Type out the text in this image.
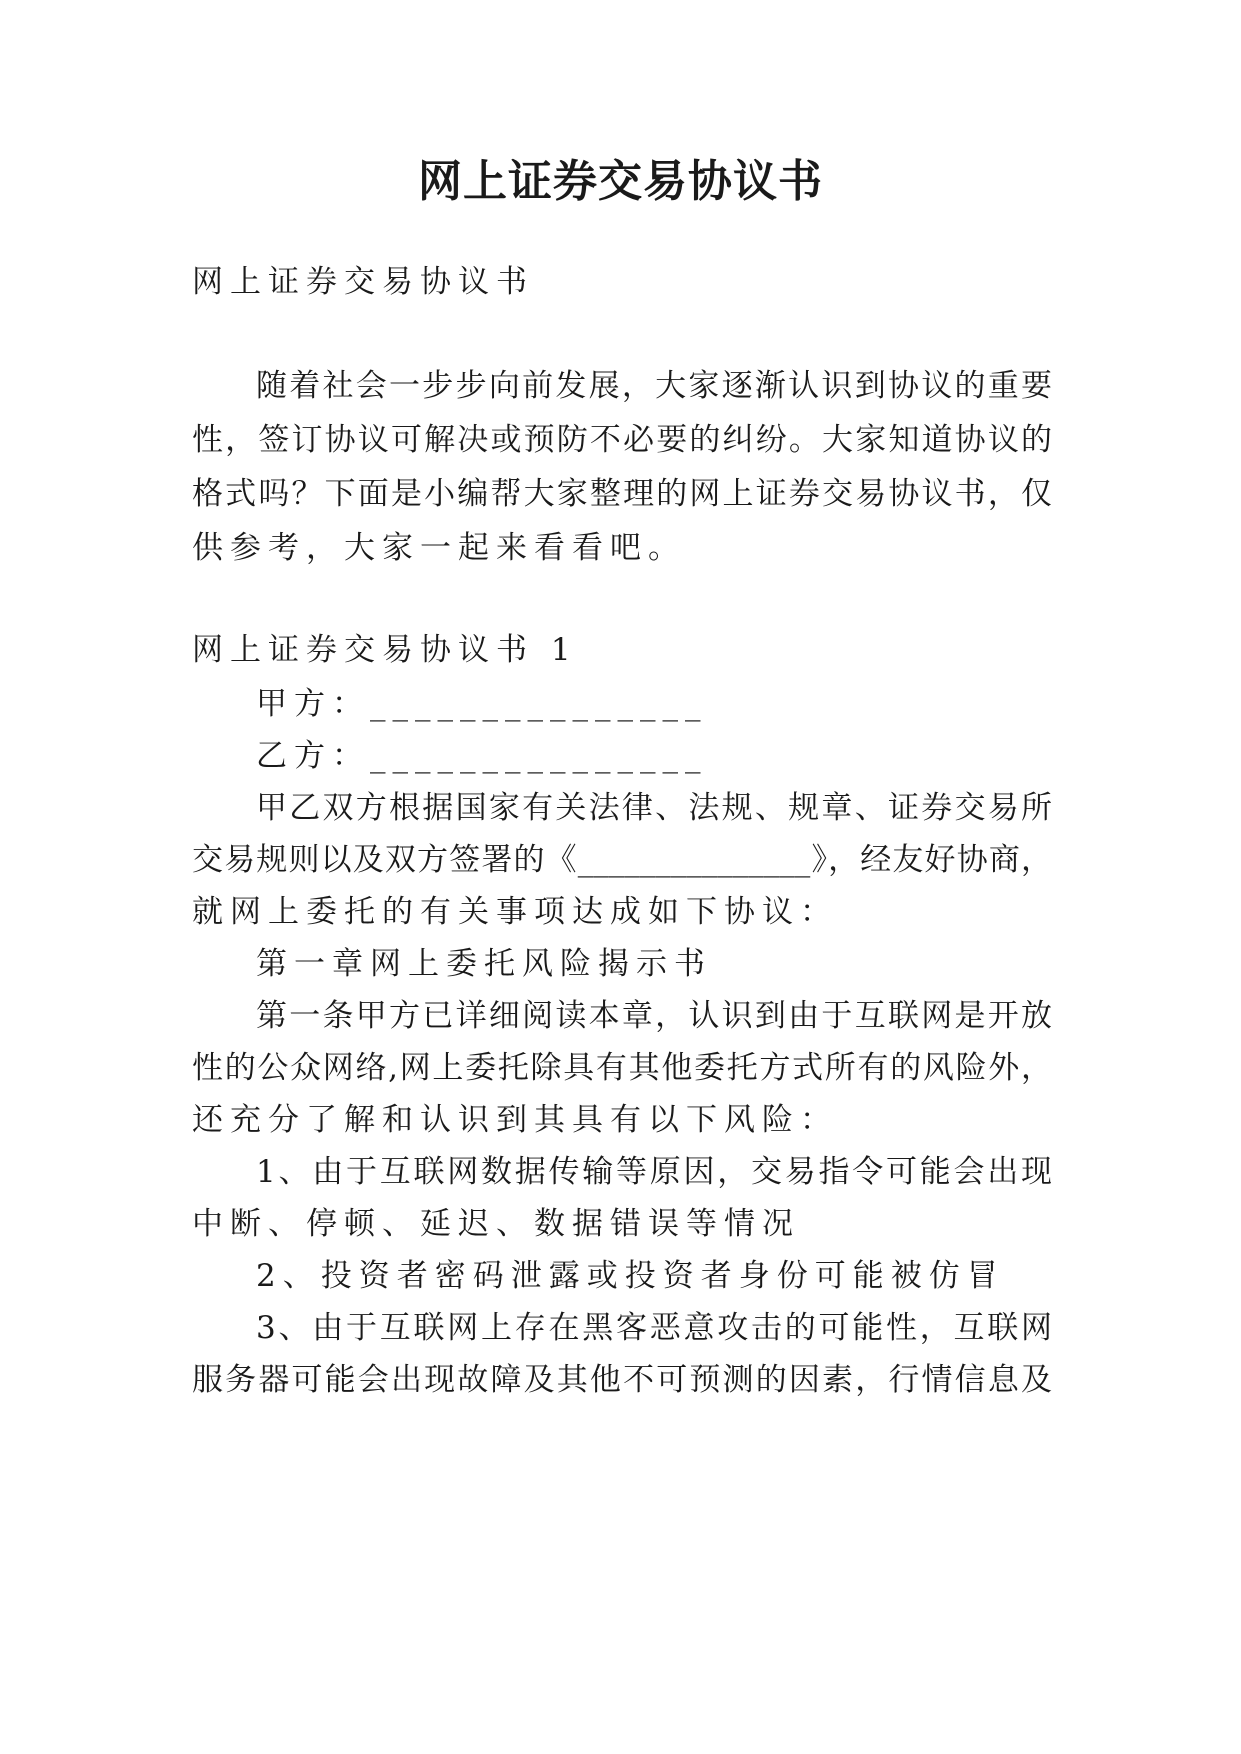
网上证券交易协议书
网上证券交易协议书
随着社会一步步向前发展，大家逐渐认识到协议的重要
性，签订协议可解决或预防不必要的纠纷。大家知道协议的
格式吗？下面是小编帮大家整理的网上证券交易协议书，仅
供参考，大家一起来看看吧。
网上证券交易协议书 1
甲方：_______________
乙方：_______________
甲乙双方根据国家有关法律、法规、规章、证券交易所
交易规则以及双方签署的《_______________》，经友好协商，
就网上委托的有关事项达成如下协议：
第一章网上委托风险揭示书
第一条甲方已详细阅读本章，认识到由于互联网是开放
性的公众网络,网上委托除具有其他委托方式所有的风险外，
还充分了解和认识到其具有以下风险：
1、由于互联网数据传输等原因，交易指令可能会出现
中断、停顿、延迟、数据错误等情况
2、投资者密码泄露或投资者身份可能被仿冒
3、由于互联网上存在黑客恶意攻击的可能性，互联网
服务器可能会出现故障及其他不可预测的因素，行情信息及
